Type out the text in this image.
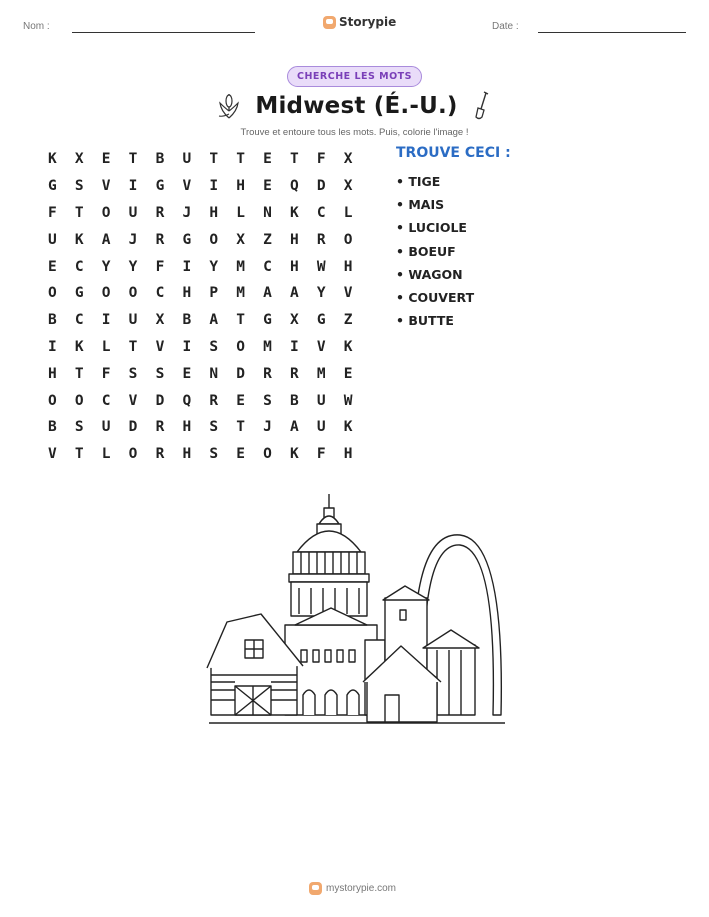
Nom :	Storypie	Date :
CHERCHE LES MOTS
Midwest (É.-U.)
Trouve et entoure tous les mots. Puis, colorie l'image !
K	X	E	T	B	U	T	T	E	T	F	X
G	S	V	I	G	V	I	H	E	Q	D	X
F	T	O	U	R	J	H	L	N	K	C	L
U	K	A	J	R	G	O	X	Z	H	R	O
E	C	Y	Y	F	I	Y	M	C	H	W	H
O	G	O	O	C	H	P	M	A	A	Y	V
B	C	I	U	X	B	A	T	G	X	G	Z
I	K	L	T	V	I	S	O	M	I	V	K
H	T	F	S	S	E	N	D	R	R	M	E
O	O	C	V	D	Q	R	E	S	B	U	W
B	S	U	D	R	H	S	T	J	A	U	K
V	T	L	O	R	H	S	E	O	K	F	H
TROUVE CECI :
• TIGE
• MAIS
• LUCIOLE
• BOEUF
• WAGON
• COUVERT
• BUTTE
mystorypie.com
